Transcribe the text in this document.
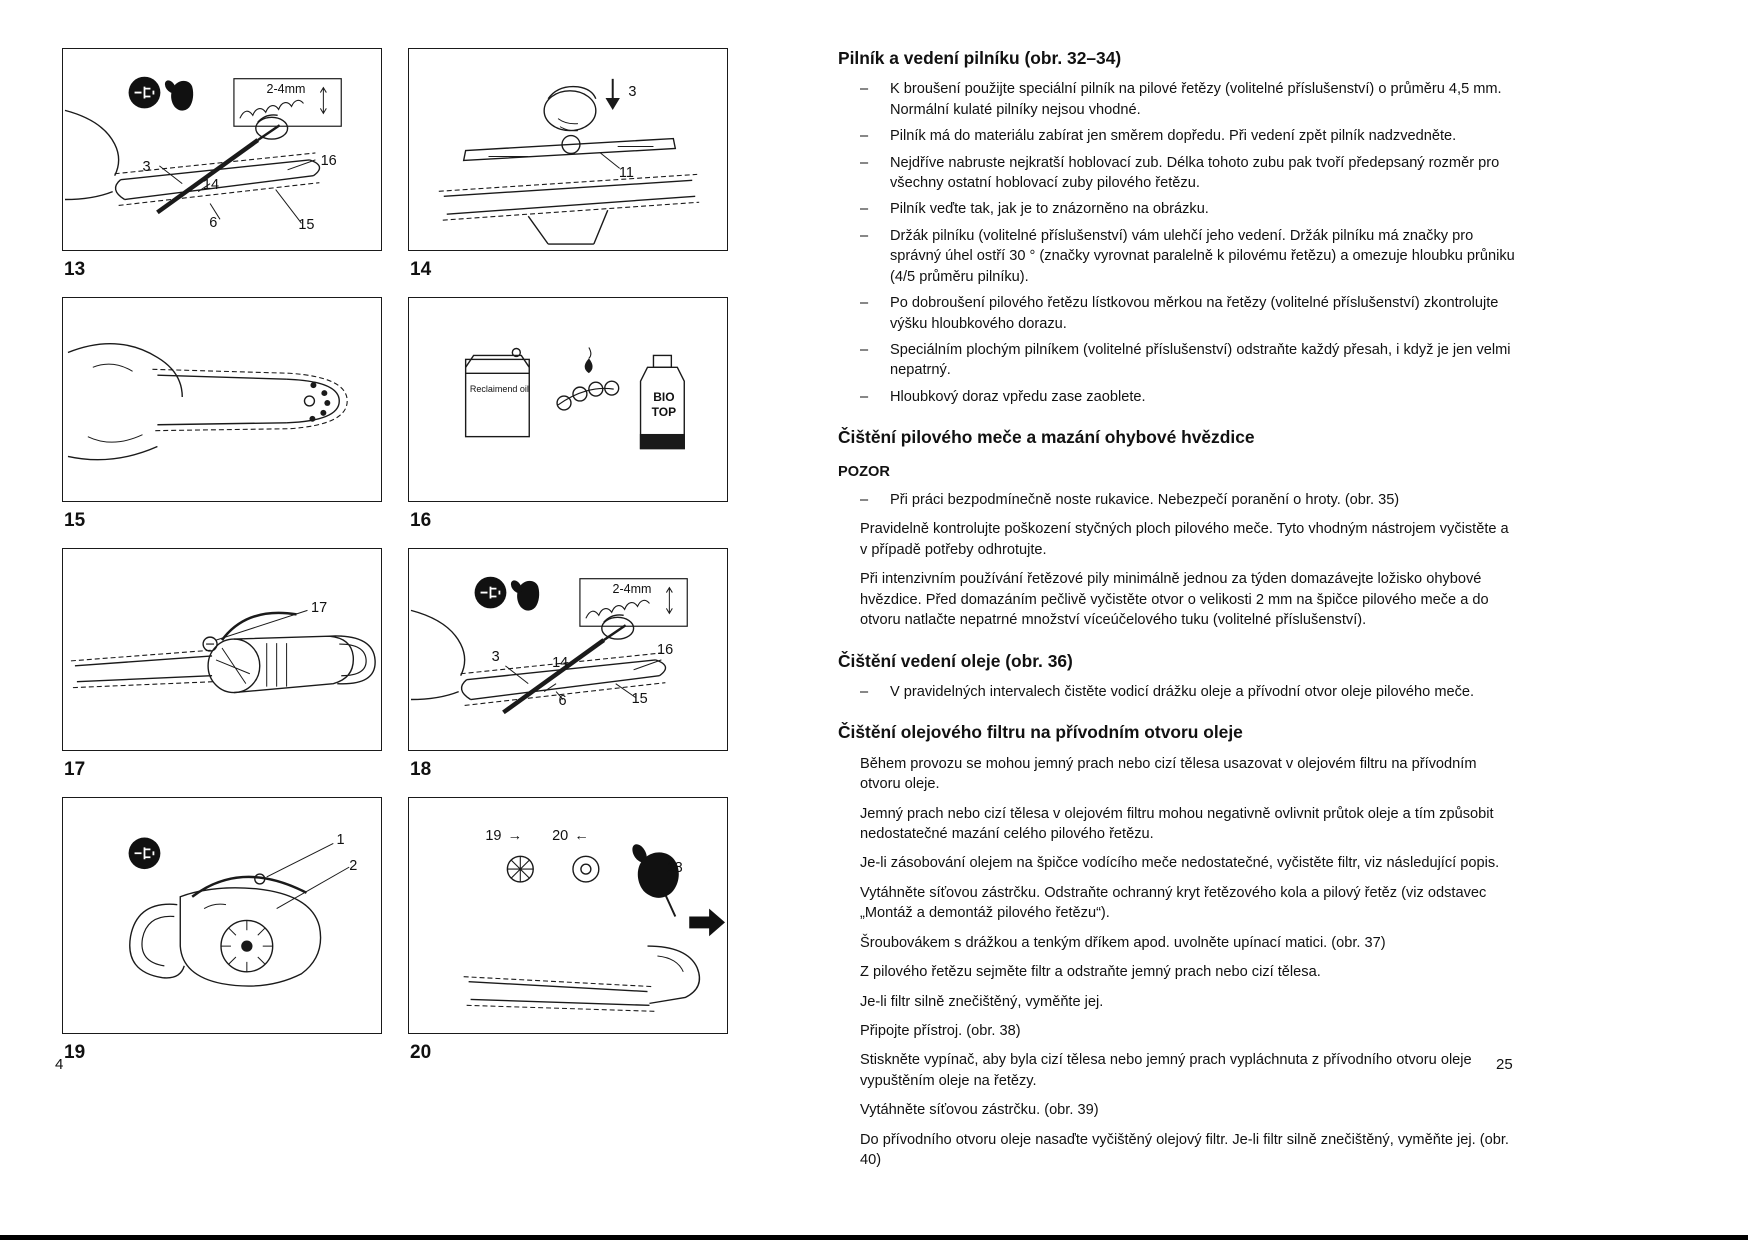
2-4mm
3
14
16
6	15
13
3
11
14
15
Reclaimend oil
BIO
TOP
16
17
17
2-4mm
3	14
16
6	15
18
1
2
19
19 → 20 ←
18
20
Pilník a vedení pilníku (obr. 32–34)
–	K broušení použijte speciální pilník na pilové řetězy (volitelné příslušenství) o průměru 4,5 mm. Normální kulaté pilníky nejsou vhodné.
–	Pilník má do materiálu zabírat jen směrem dopředu. Při vedení zpět pilník nadzvedněte.
–	Nejdříve nabruste nejkratší hoblovací zub. Délka tohoto zubu pak tvoří předepsaný rozměr pro všechny ostatní hoblovací zuby pilového řetězu.
–	Pilník veďte tak, jak je to znázorněno na obrázku.
–	Držák pilníku (volitelné příslušenství) vám ulehčí jeho vedení. Držák pilníku má značky pro správný úhel ostří 30 ° (značky vyrovnat paralelně k pilovému řetězu) a omezuje hloubku průniku (4/5 průměru pilníku).
–	Po dobroušení pilového řetězu lístkovou měrkou na řetězy (volitelné příslušenství) zkontrolujte výšku hloubkového dorazu.
–	Speciálním plochým pilníkem (volitelné příslušenství) odstraňte každý přesah, i když je jen velmi nepatrný.
–	Hloubkový doraz vpředu zase zaoblete.
Čištění pilového meče a mazání ohybové hvězdice
POZOR
–	Při práci bezpodmínečně noste rukavice. Nebezpečí poranění o hroty. (obr. 35)

Pravidelně kontrolujte poškození styčných ploch pilového meče. Tyto vhodným nástrojem vyčistěte a v případě potřeby odhrotujte.

Při intenzivním používání řetězové pily minimálně jednou za týden domazávejte ložisko ohybové hvězdice. Před domazáním pečlivě vyčistěte otvor o velikosti 2 mm na špičce pilového meče a do otvoru natlačte nepatrné množství víceúčelového tuku (volitelné příslušenství).

Čištění vedení oleje (obr. 36)
–	V pravidelných intervalech čistěte vodicí drážku oleje a přívodní otvor oleje pilového meče.
Čištění olejového filtru na přívodním otvoru oleje

Během provozu se mohou jemný prach nebo cizí tělesa usazovat v olejovém filtru na přívodním otvoru oleje.

Jemný prach nebo cizí tělesa v olejovém filtru mohou negativně ovlivnit průtok oleje a tím způsobit nedostatečné mazání celého pilového řetězu.

Je-li zásobování olejem na špičce vodícího meče nedostatečné, vyčistěte filtr, viz následující popis.

Vytáhněte síťovou zástrčku. Odstraňte ochranný kryt řetězového kola a pilový řetěz (viz odstavec „Montáž a demontáž pilového řetězu“).

Šroubovákem s drážkou a tenkým dříkem apod. uvolněte upínací matici. (obr. 37)

Z pilového řetězu sejměte filtr a odstraňte jemný prach nebo cizí tělesa.

Je-li filtr silně znečištěný, vyměňte jej.

Připojte přístroj. (obr. 38)

Stiskněte vypínač, aby byla cizí tělesa nebo jemný prach vypláchnuta z přívodního otvoru oleje vypuštěním oleje na řetězy.

Vytáhněte síťovou zástrčku. (obr. 39)

Do přívodního otvoru oleje nasaďte vyčištěný olejový filtr. Je-li filtr silně znečištěný, vyměňte jej. (obr. 40)

4	25
